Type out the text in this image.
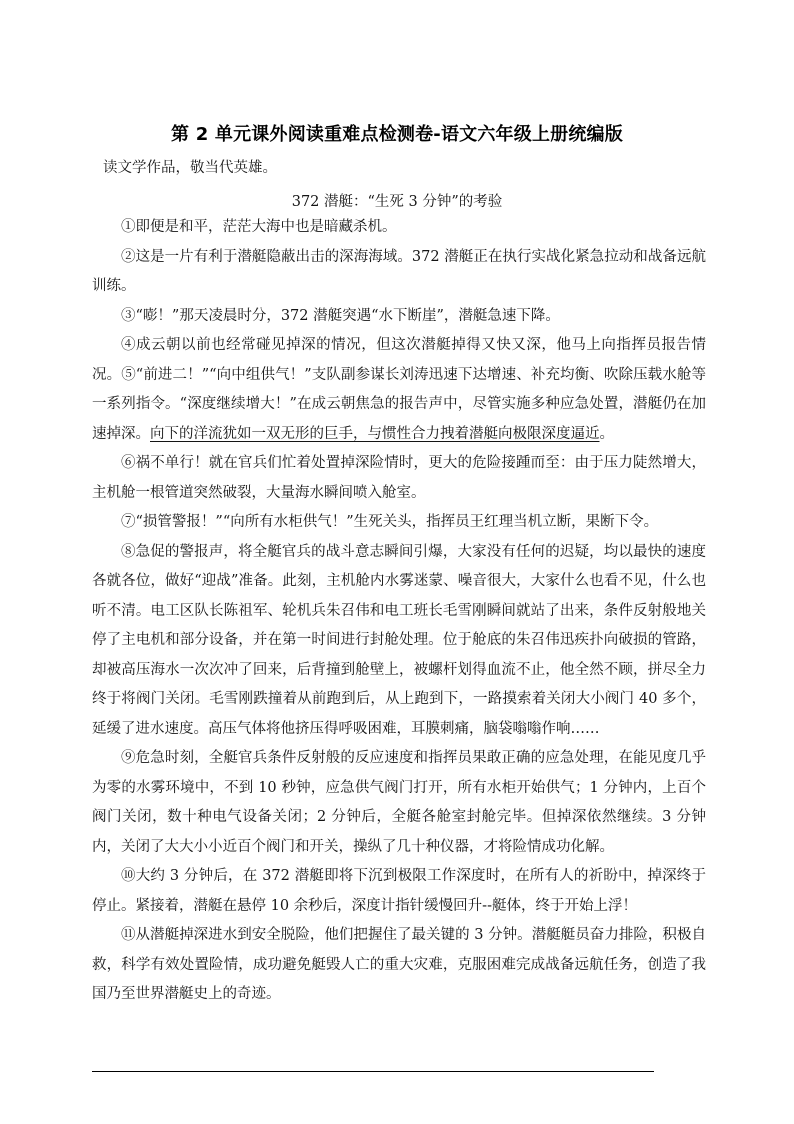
第 2 单元课外阅读重难点检测卷-语文六年级上册统编版
读文学作品，敬当代英雄。
372 潜艇：“生死 3 分钟”的考验

①即便是和平，茫茫大海中也是暗藏杀机。

②这是一片有利于潜艇隐蔽出击的深海海域。372 潜艇正在执行实战化紧急拉动和战备远航训练。

③“嘭！”那天凌晨时分，372 潜艇突遇“水下断崖”，潜艇急速下降。

④成云朝以前也经常碰见掉深的情况，但这次潜艇掉得又快又深，他马上向指挥员报告情况。⑤“前进二！”“向中组供气！”支队副参谋长刘涛迅速下达增速、补充均衡、吹除压载水舱等一系列指令。“深度继续增大！”在成云朝焦急的报告声中，尽管实施多种应急处置，潜艇仍在加速掉深。向下的洋流犹如一双无形的巨手，与惯性合力拽着潜艇向极限深度逼近。

⑥祸不单行！就在官兵们忙着处置掉深险情时，更大的危险接踵而至：由于压力陡然增大，主机舱一根管道突然破裂，大量海水瞬间喷入舱室。

⑦“损管警报！”“向所有水柜供气！”生死关头，指挥员王红理当机立断，果断下令。

⑧急促的警报声，将全艇官兵的战斗意志瞬间引爆，大家没有任何的迟疑，均以最快的速度各就各位，做好“迎战”准备。此刻，主机舱内水雾迷蒙、噪音很大，大家什么也看不见，什么也听不清。电工区队长陈祖军、轮机兵朱召伟和电工班长毛雪刚瞬间就站了出来，条件反射般地关停了主电机和部分设备，并在第一时间进行封舱处理。位于舱底的朱召伟迅疾扑向破损的管路，却被高压海水一次次冲了回来，后背撞到舱壁上，被螺杆划得血流不止，他全然不顾，拼尽全力终于将阀门关闭。毛雪刚跌撞着从前跑到后，从上跑到下，一路摸索着关闭大小阀门 40 多个，延缓了进水速度。高压气体将他挤压得呼吸困难，耳膜刺痛，脑袋嗡嗡作响……

⑨危急时刻，全艇官兵条件反射般的反应速度和指挥员果敢正确的应急处理，在能见度几乎为零的水雾环境中，不到 10 秒钟，应急供气阀门打开，所有水柜开始供气；1 分钟内，上百个阀门关闭，数十种电气设备关闭；2 分钟后，全艇各舱室封舱完毕。但掉深依然继续。3 分钟内，关闭了大大小小近百个阀门和开关，操纵了几十种仪器，才将险情成功化解。

⑩大约 3 分钟后，在 372 潜艇即将下沉到极限工作深度时，在所有人的祈盼中，掉深终于停止。紧接着，潜艇在悬停 10 余秒后，深度计指针缓慢回升--艇体，终于开始上浮！

⑪从潜艇掉深进水到安全脱险，他们把握住了最关键的 3 分钟。潜艇艇员奋力排险，积极自救，科学有效处置险情，成功避免艇毁人亡的重大灾难，克服困难完成战备远航任务，创造了我国乃至世界潜艇史上的奇迹。
